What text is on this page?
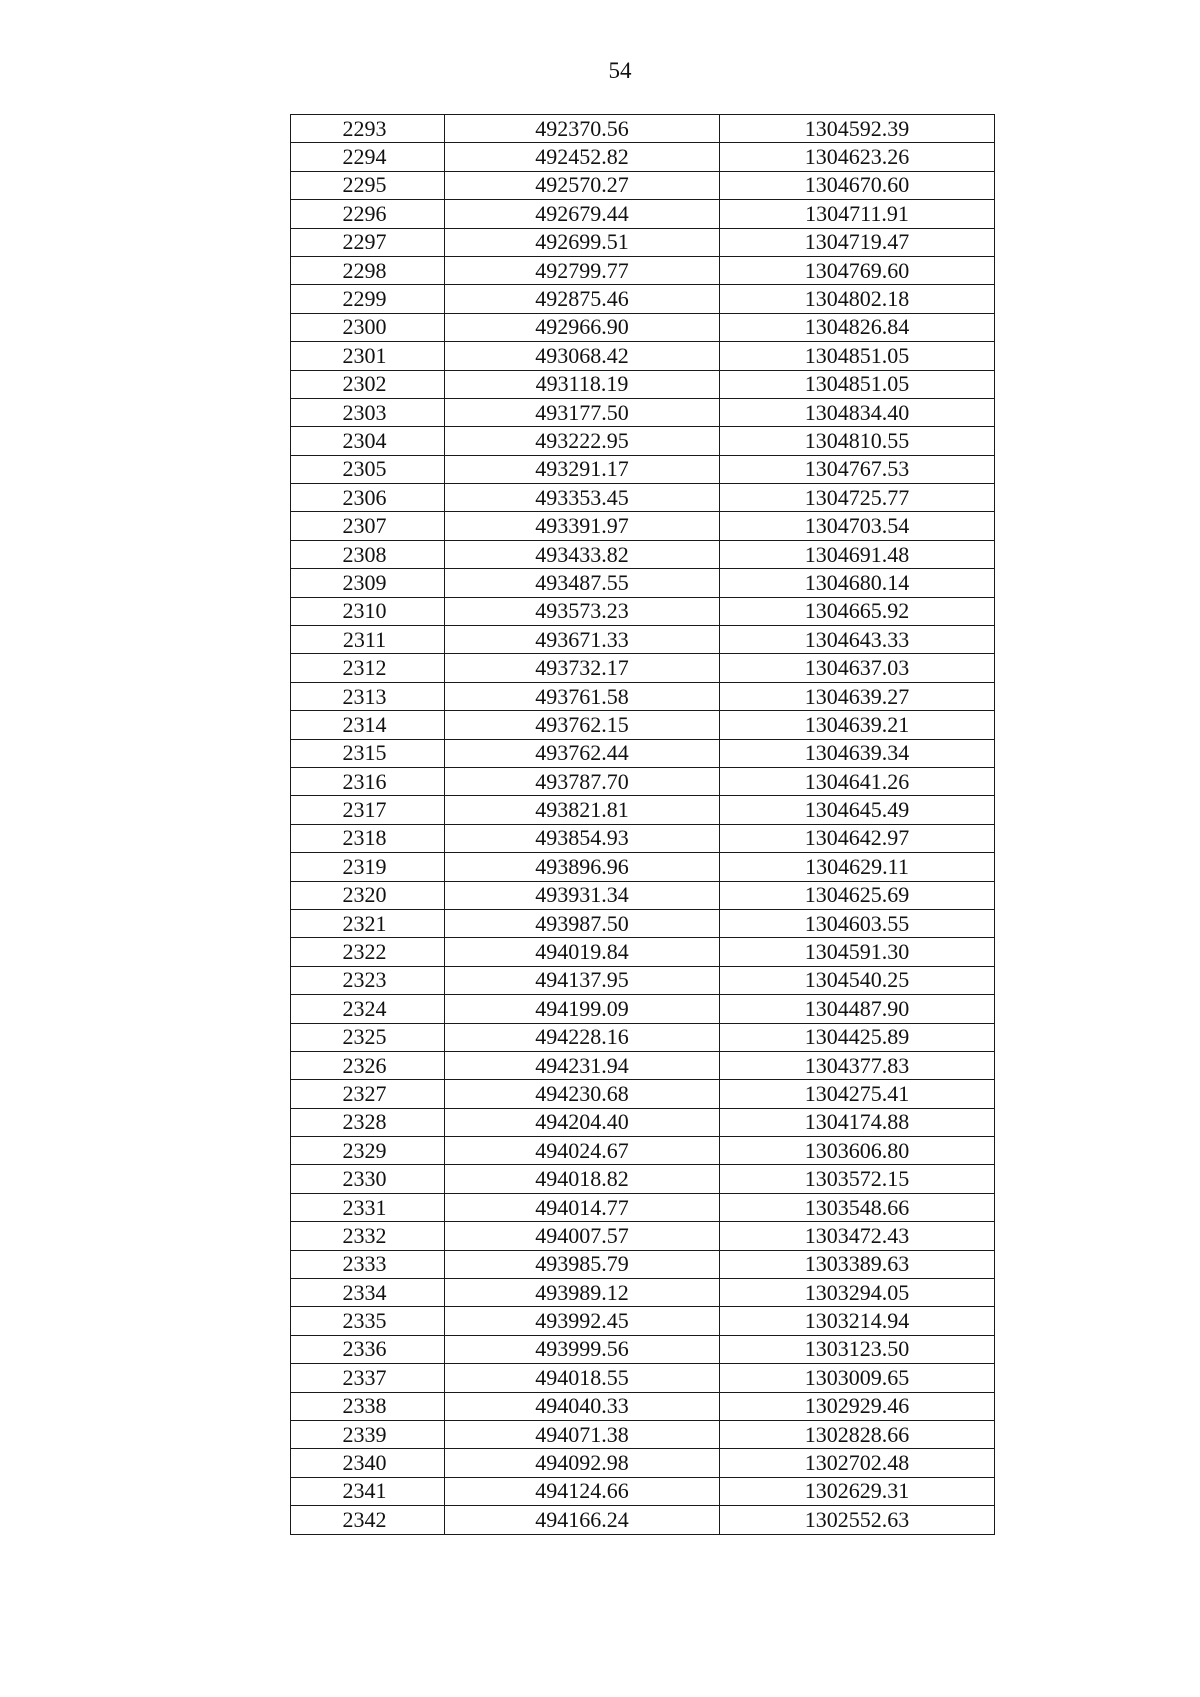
54
2293	492370.56	1304592.39
2294	492452.82	1304623.26
2295	492570.27	1304670.60
2296	492679.44	1304711.91
2297	492699.51	1304719.47
2298	492799.77	1304769.60
2299	492875.46	1304802.18
2300	492966.90	1304826.84
2301	493068.42	1304851.05
2302	493118.19	1304851.05
2303	493177.50	1304834.40
2304	493222.95	1304810.55
2305	493291.17	1304767.53
2306	493353.45	1304725.77
2307	493391.97	1304703.54
2308	493433.82	1304691.48
2309	493487.55	1304680.14
2310	493573.23	1304665.92
2311	493671.33	1304643.33
2312	493732.17	1304637.03
2313	493761.58	1304639.27
2314	493762.15	1304639.21
2315	493762.44	1304639.34
2316	493787.70	1304641.26
2317	493821.81	1304645.49
2318	493854.93	1304642.97
2319	493896.96	1304629.11
2320	493931.34	1304625.69
2321	493987.50	1304603.55
2322	494019.84	1304591.30
2323	494137.95	1304540.25
2324	494199.09	1304487.90
2325	494228.16	1304425.89
2326	494231.94	1304377.83
2327	494230.68	1304275.41
2328	494204.40	1304174.88
2329	494024.67	1303606.80
2330	494018.82	1303572.15
2331	494014.77	1303548.66
2332	494007.57	1303472.43
2333	493985.79	1303389.63
2334	493989.12	1303294.05
2335	493992.45	1303214.94
2336	493999.56	1303123.50
2337	494018.55	1303009.65
2338	494040.33	1302929.46
2339	494071.38	1302828.66
2340	494092.98	1302702.48
2341	494124.66	1302629.31
2342	494166.24	1302552.63
